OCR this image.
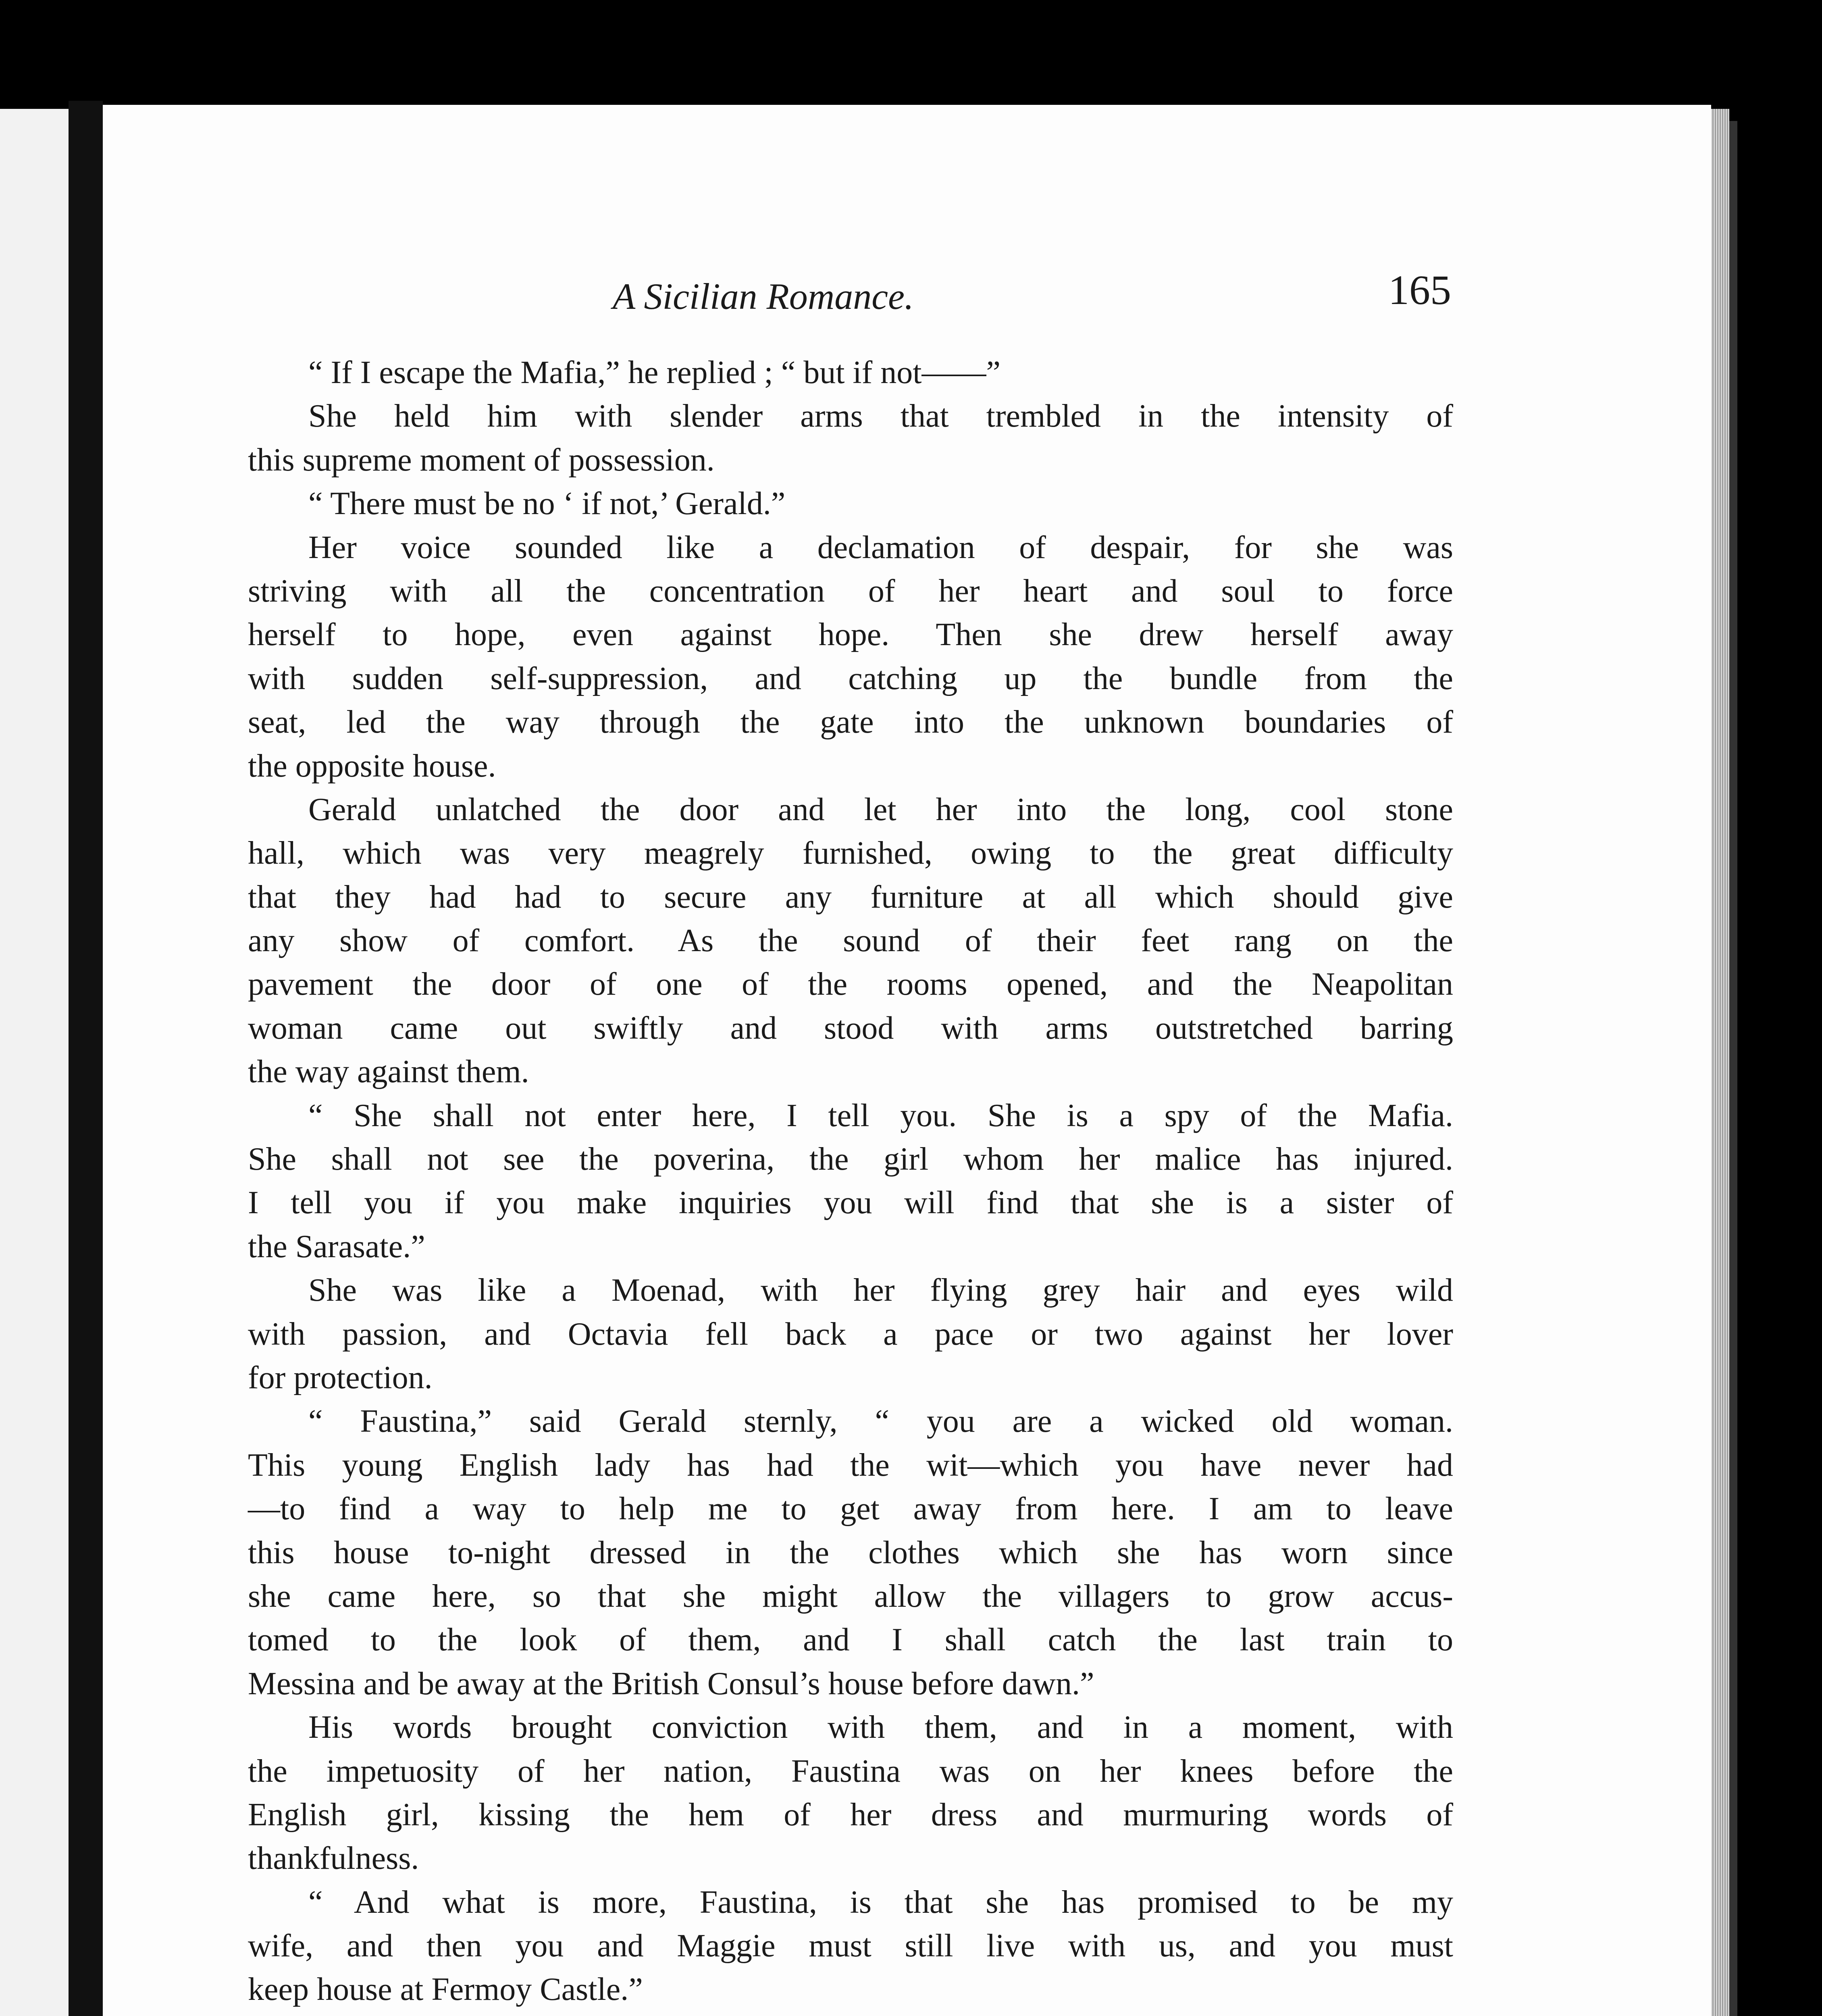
A Sicilian Romance.	165
“ If I escape the Mafia,” he replied ; “ but if not——”
She held him with slender arms that trembled in the intensity of
this supreme moment of possession.
“ There must be no ‘ if not,’ Gerald.”
Her voice sounded like a declamation of despair, for she was
striving with all the concentration of her heart and soul to force
herself to hope, even against hope. Then she drew herself away
with sudden self-suppression, and catching up the bundle from the
seat, led the way through the gate into the unknown boundaries of
the opposite house.
Gerald unlatched the door and let her into the long, cool stone
hall, which was very meagrely furnished, owing to the great difficulty
that they had had to secure any furniture at all which should give
any show of comfort. As the sound of their feet rang on the
pavement the door of one of the rooms opened, and the Neapolitan
woman came out swiftly and stood with arms outstretched barring
the way against them.
“ She shall not enter here, I tell you. She is a spy of the Mafia.
She shall not see the poverina, the girl whom her malice has injured.
I tell you if you make inquiries you will find that she is a sister of
the Sarasate.”
She was like a Moenad, with her flying grey hair and eyes wild
with passion, and Octavia fell back a pace or two against her lover
for protection.
“ Faustina,” said Gerald sternly, “ you are a wicked old woman.
This young English lady has had the wit—which you have never had
—to find a way to help me to get away from here. I am to leave
this house to-night dressed in the clothes which she has worn since
she came here, so that she might allow the villagers to grow accus-
tomed to the look of them, and I shall catch the last train to
Messina and be away at the British Consul’s house before dawn.”
His words brought conviction with them, and in a moment, with
the impetuosity of her nation, Faustina was on her knees before the
English girl, kissing the hem of her dress and murmuring words of
thankfulness.
“ And what is more, Faustina, is that she has promised to be my
wife, and then you and Maggie must still live with us, and you must
keep house at Fermoy Castle.”
